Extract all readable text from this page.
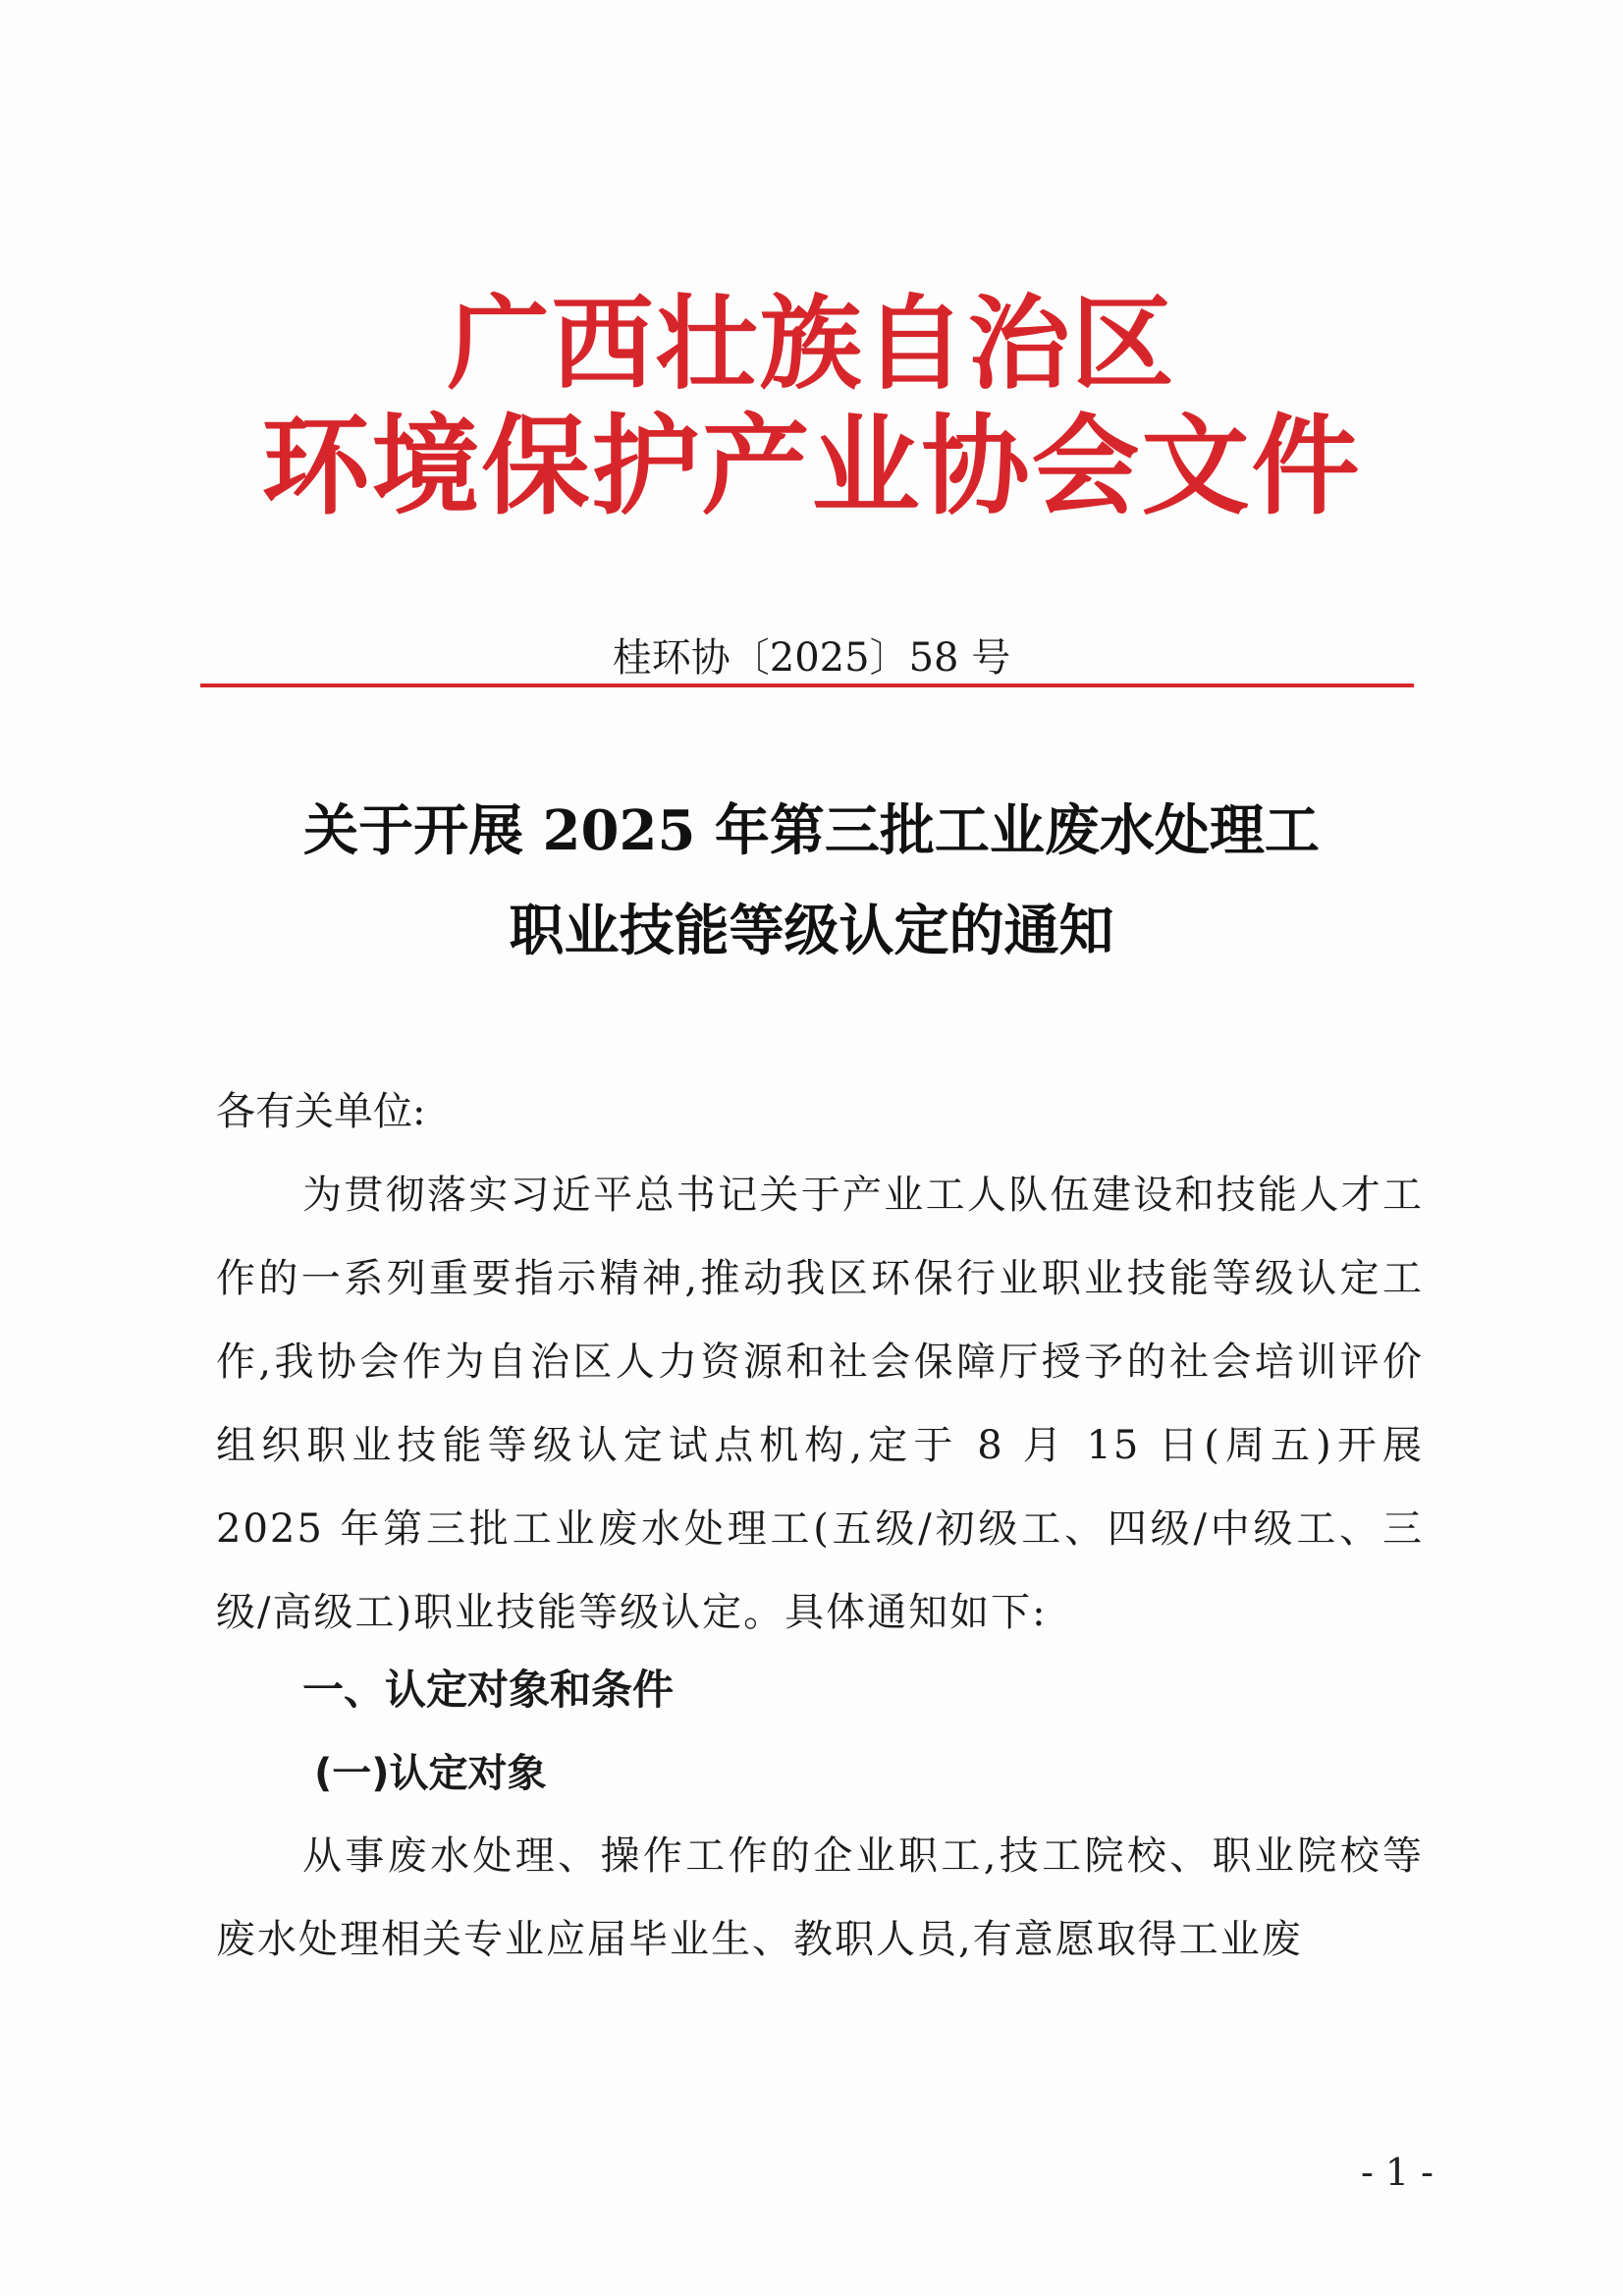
广西壮族自治区
环境保护产业协会文件
桂环协〔2025〕58 号
关于开展 2025 年第三批工业废水处理工
职业技能等级认定的通知
各有关单位:
为贯彻落实习近平总书记关于产业工人队伍建设和技能人才工作的一系列重要指示精神,推动我区环保行业职业技能等级认定工作,我协会作为自治区人力资源和社会保障厅授予的社会培训评价组织职业技能等级认定试点机构,定于 8 月 15 日(周五)开展 2025 年第三批工业废水处理工(五级/初级工、四级/中级工、三级/高级工)职业技能等级认定。具体通知如下:
一、认定对象和条件
(一)认定对象
从事废水处理、操作工作的企业职工,技工院校、职业院校等废水处理相关专业应届毕业生、教职人员,有意愿取得工业废
- 1 -
